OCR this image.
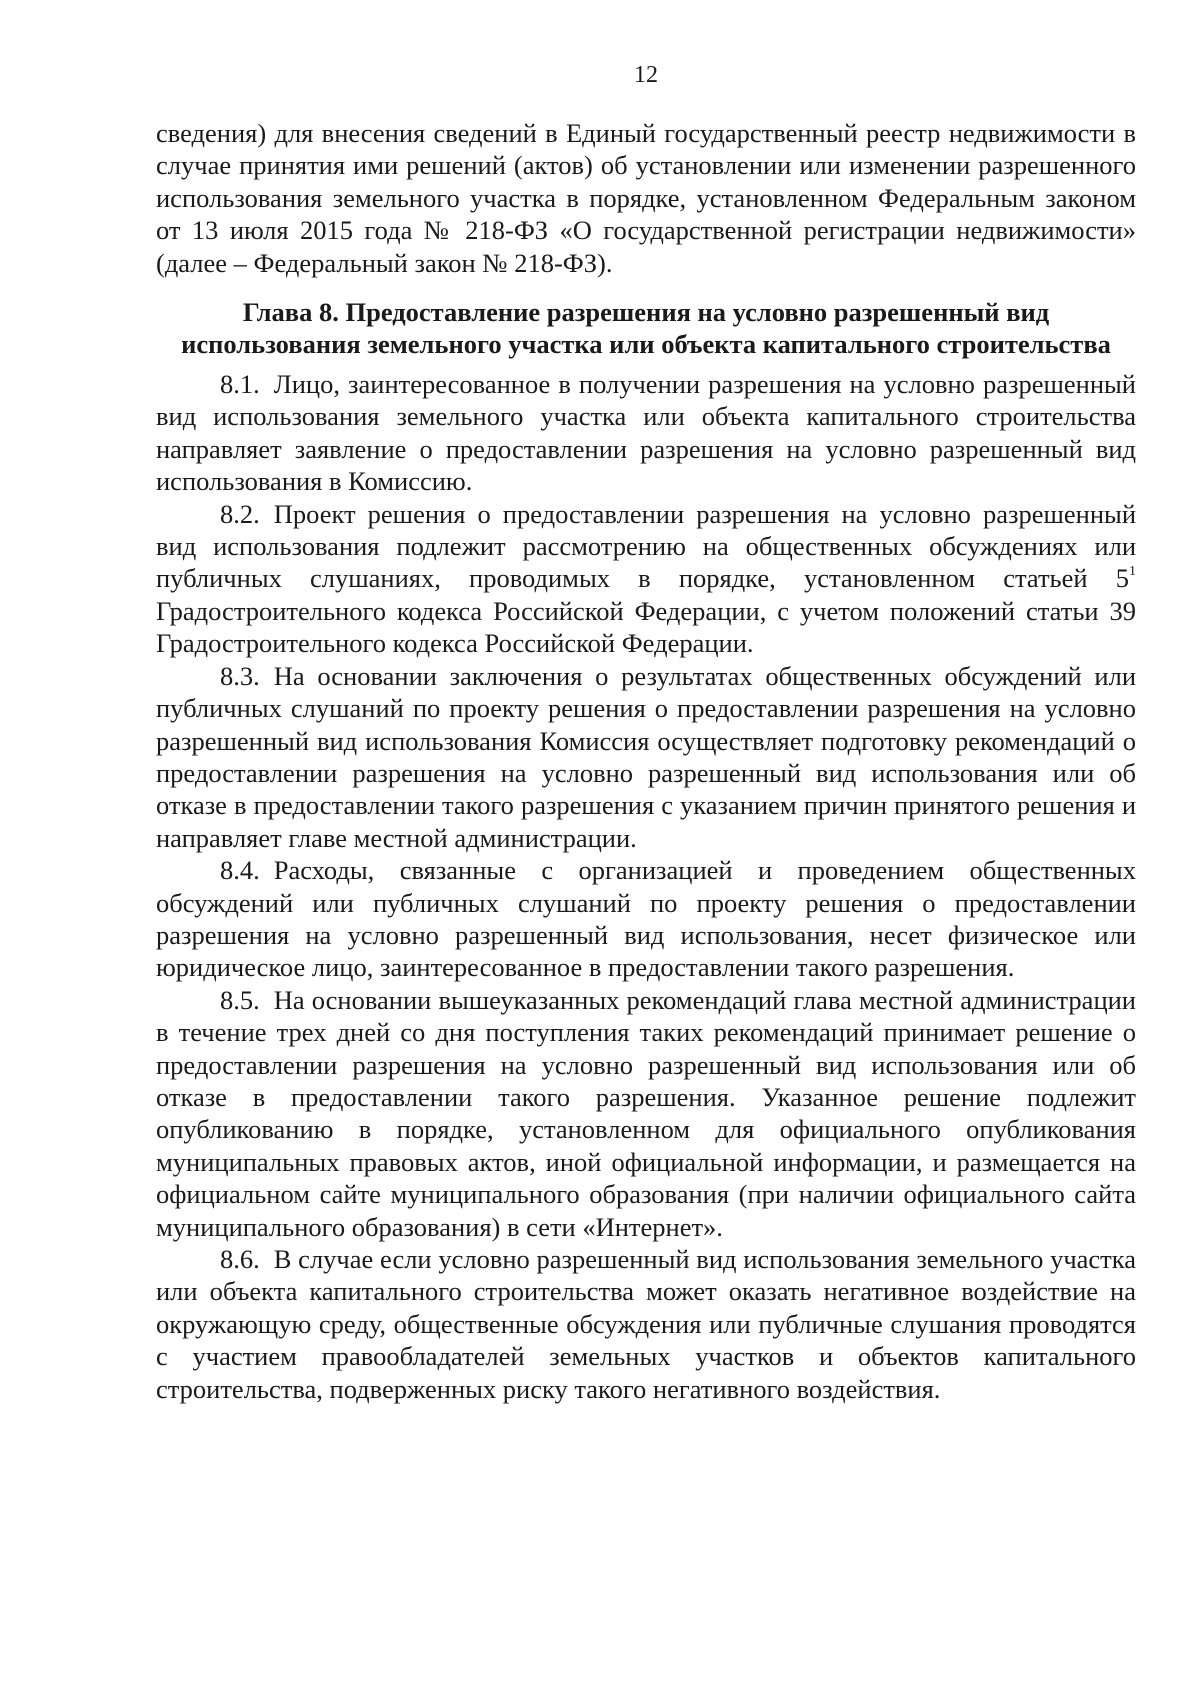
12

сведения) для внесения сведений в Единый государственный реестр недвижимости в случае принятия ими решений (актов) об установлении или изменении разрешенного использования земельного участка в порядке, установленном Федеральным законом от 13 июля 2015 года № 218-ФЗ «О государственной регистрации недвижимости» (далее – Федеральный закон № 218-ФЗ).

Глава 8. Предоставление разрешения на условно разрешенный вид использования земельного участка или объекта капитального строительства

8.1. Лицо, заинтересованное в получении разрешения на условно разрешенный вид использования земельного участка или объекта капитального строительства направляет заявление о предоставлении разрешения на условно разрешенный вид использования в Комиссию.

8.2. Проект решения о предоставлении разрешения на условно разрешенный вид использования подлежит рассмотрению на общественных обсуждениях или публичных слушаниях, проводимых в порядке, установленном статьей $5^1$ Градостроительного кодекса Российской Федерации, с учетом положений статьи 39 Градостроительного кодекса Российской Федерации.

8.3. На основании заключения о результатах общественных обсуждений или публичных слушаний по проекту решения о предоставлении разрешения на условно разрешенный вид использования Комиссия осуществляет подготовку рекомендаций о предоставлении разрешения на условно разрешенный вид использования или об отказе в предоставлении такого разрешения с указанием причин принятого решения и направляет главе местной администрации.

8.4. Расходы, связанные с организацией и проведением общественных обсуждений или публичных слушаний по проекту решения о предоставлении разрешения на условно разрешенный вид использования, несет физическое или юридическое лицо, заинтересованное в предоставлении такого разрешения.

8.5. На основании вышеуказанных рекомендаций глава местной администрации в течение трех дней со дня поступления таких рекомендаций принимает решение о предоставлении разрешения на условно разрешенный вид использования или об отказе в предоставлении такого разрешения. Указанное решение подлежит опубликованию в порядке, установленном для официального опубликования муниципальных правовых актов, иной официальной информации, и размещается на официальном сайте муниципального образования (при наличии официального сайта муниципального образования) в сети «Интернет».

8.6. В случае если условно разрешенный вид использования земельного участка или объекта капитального строительства может оказать негативное воздействие на окружающую среду, общественные обсуждения или публичные слушания проводятся с участием правообладателей земельных участков и объектов капитального строительства, подверженных риску такого негативного воздействия.
